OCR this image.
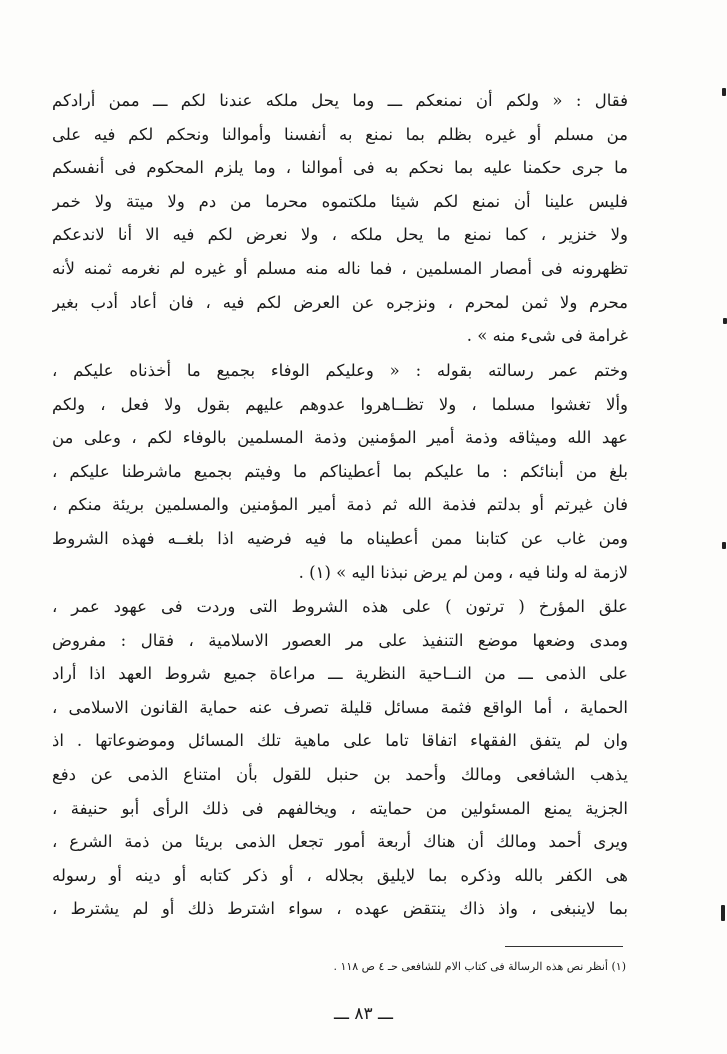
فقال : « ولكم أن نمنعكم ـــ وما يحل ملكه عندنا لكم ـــ ممن أرادكم
من مسلم أو غيره بظلم بما نمنع به أنفسنا وأموالنا ونحكم لكم فيه على
ما جرى حكمنا عليه بما نحكم به فى أموالنا ، وما يلزم المحكوم فى أنفسكم
فليس علينا أن نمنع لكم شيئا ملكتموه محرما من دم ولا ميتة ولا خمر
ولا خنزير ، كما نمنع ما يحل ملكه ، ولا نعرض لكم فيه الا أنا لاندعكم
تظهرونه فى أمصار المسلمين ، فما ناله منه مسلم أو غيره لم نغرمه ثمنه لأنه
محرم ولا ثمن لمحرم ، ونزجره عن العرض لكم فيه ، فان أعاد أدب بغير
غرامة فى شىء منه » .
وختم عمر رسالته بقوله : « وعليكم الوفاء بجميع ما أخذناه عليكم ،
وألا تغشوا مسلما ، ولا تظــاهروا عدوهم عليهم بقول ولا فعل ، ولكم
عهد الله وميثاقه وذمة أمير المؤمنين وذمة المسلمين بالوفاء لكم ، وعلى من
بلغ من أبنائكم : ما عليكم بما أعطيناكم ما وفيتم بجميع ماشرطنا عليكم ،
فان غيرتم أو بدلتم فذمة الله ثم ذمة أمير المؤمنين والمسلمين بريئة منكم ،
ومن غاب عن كتابنا ممن أعطيناه ما فيه فرضيه اذا بلغــه فهذه الشروط
لازمة له ولنا فيه ، ومن لم يرض نبذنا اليه » (١) .
علق المؤرخ ( ترتون ) على هذه الشروط التى وردت فى عهود عمر ،
ومدى وضعها موضع التنفيذ على مر العصور الاسلامية ، فقال : مفروض
على الذمى ـــ من النــاحية النظرية ـــ مراعاة جميع شروط العهد اذا أراد
الحماية ، أما الواقع فثمة مسائل قليلة تصرف عنه حماية القانون الاسلامى ،
وان لم يتفق الفقهاء اتفاقا تاما على ماهية تلك المسائل وموضوعاتها . اذ
يذهب الشافعى ومالك وأحمد بن حنبل للقول بأن امتناع الذمى عن دفع
الجزية يمنع المسئولين من حمايته ، ويخالفهم فى ذلك الرأى أبو حنيفة ،
ويرى أحمد ومالك أن هناك أربعة أمور تجعل الذمى بريئا من ذمة الشرع ،
هى الكفر بالله وذكره بما لايليق بجلاله ، أو ذكر كتابه أو دينه أو رسوله
بما لاينبغى ، واذ ذاك ينتقض عهده ، سواء اشترط ذلك أو لم يشترط ،
(١) أنظر نص هذه الرسالة فى كتاب الام للشافعى حـ ٤ ص ١١٨ .
ـــ ٨٣ ـــ
